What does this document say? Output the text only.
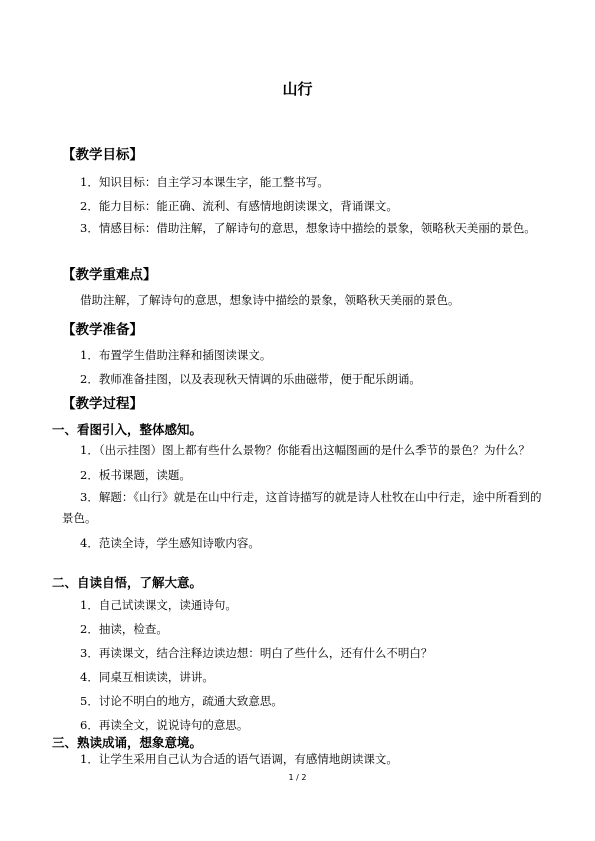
山行
【教学目标】

1．知识目标：自主学习本课生字，能工整书写。

2．能力目标：能正确、流利、有感情地朗读课文，背诵课文。

3．情感目标：借助注解，了解诗句的意思，想象诗中描绘的景象，领略秋天美丽的景色。

【教学重难点】

借助注解，了解诗句的意思，想象诗中描绘的景象，领略秋天美丽的景色。

【教学准备】

1．布置学生借助注释和插图读课文。

2．教师准备挂图，以及表现秋天情调的乐曲磁带，便于配乐朗诵。

【教学过程】
一、看图引入，整体感知。

1．（出示挂图）图上都有些什么景物？你能看出这幅图画的是什么季节的景色？为什么？

2．板书课题，读题。

3．解题：《山行》就是在山中行走，这首诗描写的就是诗人杜牧在山中行走，途中所看到的景色。

4．范读全诗，学生感知诗歌内容。

二、自读自悟，了解大意。

1．自己试读课文，读通诗句。

2．抽读，检查。

3．再读课文，结合注释边读边想：明白了些什么，还有什么不明白？

4．同桌互相读读，讲讲。

5．讨论不明白的地方，疏通大致意思。

6．再读全文，说说诗句的意思。

三、熟读成诵，想象意境。

1．让学生采用自己认为合适的语气语调，有感情地朗读课文。

1 / 2
